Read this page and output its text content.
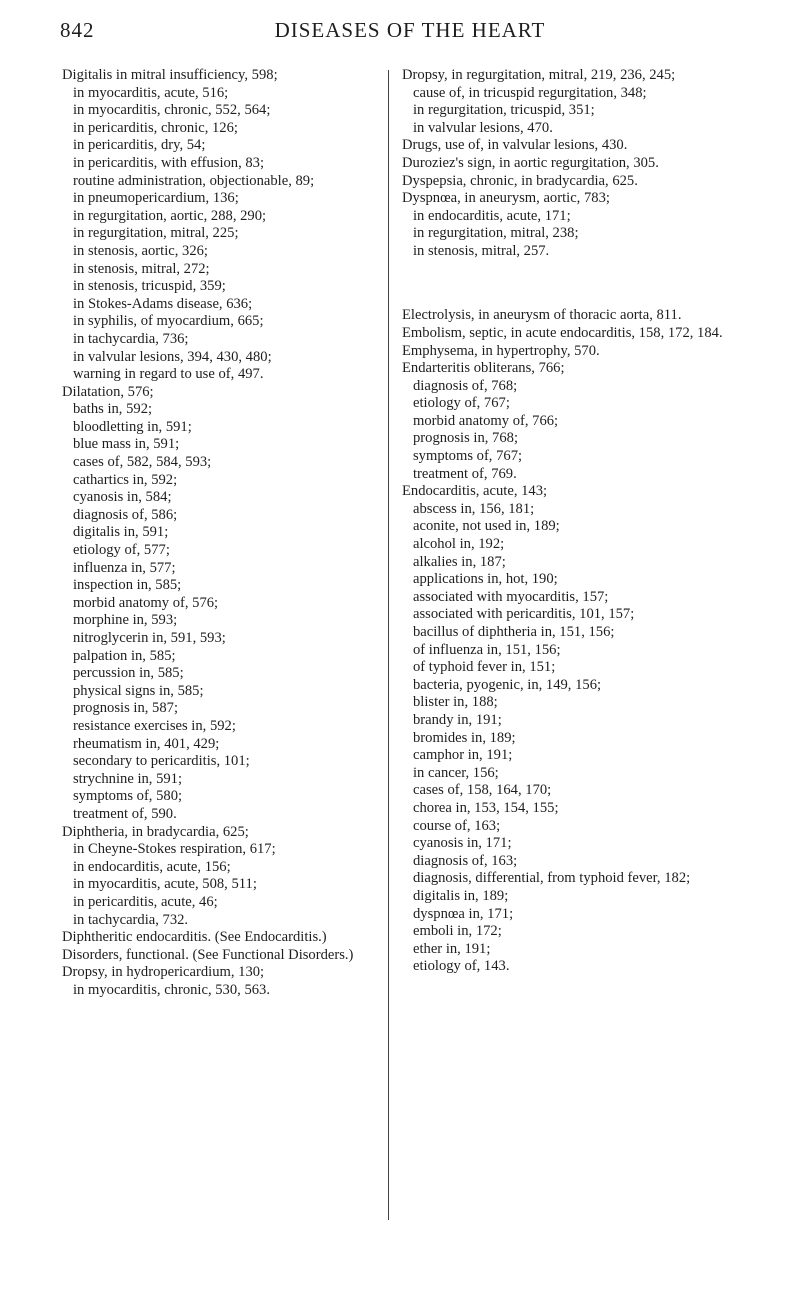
842	DISEASES OF THE HEART

Digitalis in mitral insufficiency, 598;

in myocarditis, acute, 516;

in myocarditis, chronic, 552, 564;

in pericarditis, chronic, 126;

in pericarditis, dry, 54;

in pericarditis, with effusion, 83;

routine administration, objectionable, 89;

in pneumopericardium, 136;

in regurgitation, aortic, 288, 290;

in regurgitation, mitral, 225;

in stenosis, aortic, 326;

in stenosis, mitral, 272;

in stenosis, tricuspid, 359;

in Stokes-Adams disease, 636;

in syphilis, of myocardium, 665;

in tachycardia, 736;

in valvular lesions, 394, 430, 480;

warning in regard to use of, 497.

Dilatation, 576;

baths in, 592;

bloodletting in, 591;

blue mass in, 591;

cases of, 582, 584, 593;

cathartics in, 592;

cyanosis in, 584;

diagnosis of, 586;

digitalis in, 591;

etiology of, 577;

influenza in, 577;

inspection in, 585;

morbid anatomy of, 576;

morphine in, 593;

nitroglycerin in, 591, 593;

palpation in, 585;

percussion in, 585;

physical signs in, 585;

prognosis in, 587;

resistance exercises in, 592;

rheumatism in, 401, 429;

secondary to pericarditis, 101;

strychnine in, 591;

symptoms of, 580;

treatment of, 590.

Diphtheria, in bradycardia, 625;

in Cheyne-Stokes respiration, 617;

in endocarditis, acute, 156;

in myocarditis, acute, 508, 511;

in pericarditis, acute, 46;

in tachycardia, 732.

Diphtheritic endocarditis. (See Endocarditis.)

Disorders, functional. (See Functional Disorders.)

Dropsy, in hydropericardium, 130;

in myocarditis, chronic, 530, 563.

Dropsy, in regurgitation, mitral, 219, 236, 245;

cause of, in tricuspid regurgitation, 348;

in regurgitation, tricuspid, 351;

in valvular lesions, 470.

Drugs, use of, in valvular lesions, 430.

Duroziez's sign, in aortic regurgitation, 305.

Dyspepsia, chronic, in bradycardia, 625.

Dyspnœa, in aneurysm, aortic, 783;

in endocarditis, acute, 171;

in regurgitation, mitral, 238;

in stenosis, mitral, 257.

Electrolysis, in aneurysm of thoracic aorta, 811.

Embolism, septic, in acute endocarditis, 158, 172, 184.

Emphysema, in hypertrophy, 570.

Endarteritis obliterans, 766;

diagnosis of, 768;

etiology of, 767;

morbid anatomy of, 766;

prognosis in, 768;

symptoms of, 767;

treatment of, 769.

Endocarditis, acute, 143;

abscess in, 156, 181;

aconite, not used in, 189;

alcohol in, 192;

alkalies in, 187;

applications in, hot, 190;

associated with myocarditis, 157;

associated with pericarditis, 101, 157;

bacillus of diphtheria in, 151, 156;

of influenza in, 151, 156;

of typhoid fever in, 151;

bacteria, pyogenic, in, 149, 156;

blister in, 188;

brandy in, 191;

bromides in, 189;

camphor in, 191;

in cancer, 156;

cases of, 158, 164, 170;

chorea in, 153, 154, 155;

course of, 163;

cyanosis in, 171;

diagnosis of, 163;

diagnosis, differential, from typhoid fever, 182;

digitalis in, 189;

dyspnœa in, 171;

emboli in, 172;

ether in, 191;

etiology of, 143.
